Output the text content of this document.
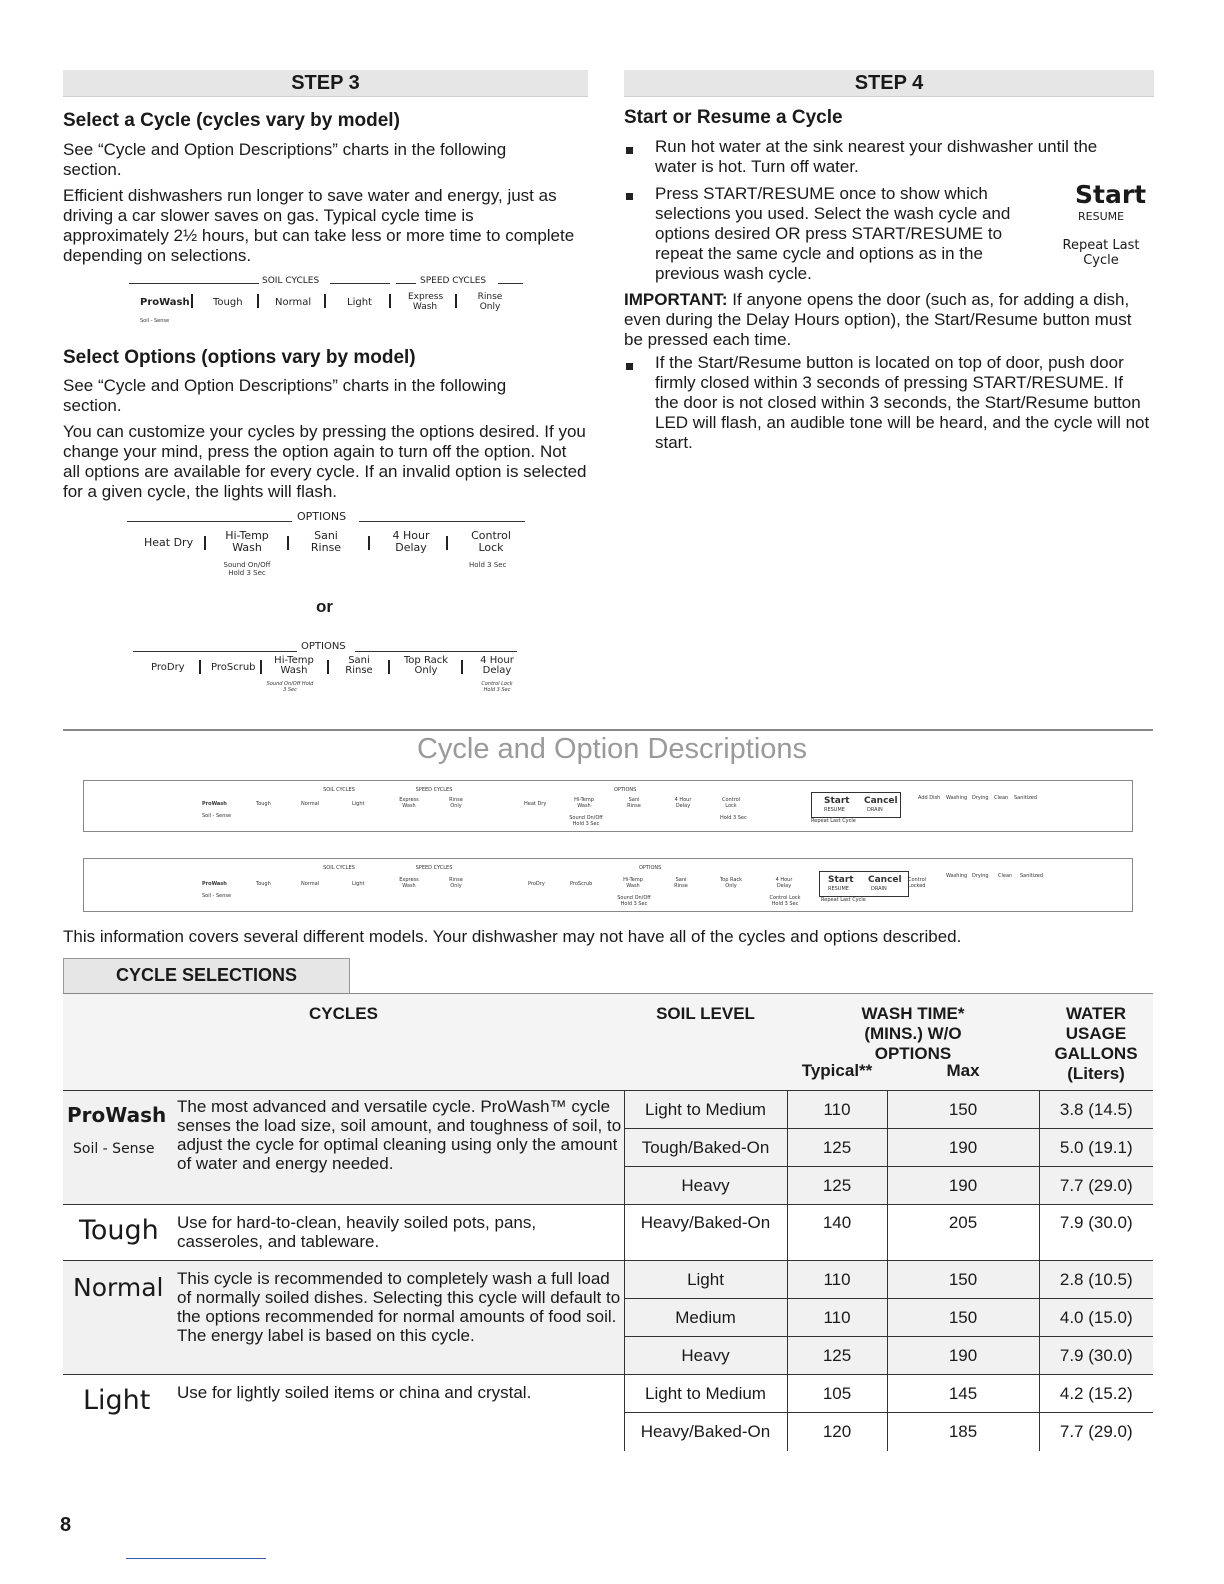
STEP 3	STEP 4
Select a Cycle (cycles vary by model)

See “Cycle and Option Descriptions” charts in the following section.

Efficient dishwashers run longer to save water and energy, just as driving a car slower saves on gas. Typical cycle time is approximately 2½ hours, but can take less or more time to complete depending on selections.

SOIL CYCLES	SPEED CYCLES
ProWash Tough	Normal	Light	Express Wash
Rinse Only
Soil - Sense
Select Options (options vary by model)

See “Cycle and Option Descriptions” charts in the following section.

You can customize your cycles by pressing the options desired. If you change your mind, press the option again to turn off the option. Not all options are available for every cycle. If an invalid option is selected for a given cycle, the lights will flash.

OPTIONS
Heat Dry
Hi-Temp Wash
Sani Rinse
4 Hour Delay
Control Lock
Sound On/Off Hold 3 Sec
Hold 3 Sec
or
OPTIONS
ProDry	ProScrub
Hi-Temp Wash
Sani Rinse
Top Rack Only
4 Hour Delay
Sound On/Off Hold 3 Sec
Control Lock Hold 3 Sec
Start or Resume a Cycle

Run hot water at the sink nearest your dishwasher until the water is hot. Turn off water.

Press START/RESUME once to show which selections you used. Select the wash cycle and options desired OR press START/RESUME to repeat the same cycle and options as in the previous wash cycle.

Start
RESUME
Repeat Last Cycle

IMPORTANT: If anyone opens the door (such as, for adding a dish, even during the Delay Hours option), the Start/Resume button must be pressed each time.

If the Start/Resume button is located on top of door, push door firmly closed within 3 seconds of pressing START/RESUME. If the door is not closed within 3 seconds, the Start/Resume button LED will flash, an audible tone will be heard, and the cycle will not start.

Cycle and Option Descriptions
SOIL CYCLES	SPEED CYCLES
ProWash	Tough	Normal	Light
Express Wash
Rinse Only
Soil - Sense
OPTIONS
Heat Dry
Hi-Temp Wash
Sani Rinse
4 Hour Delay
Control Lock
Sound On/Off Hold 3 Sec
Hold 3 Sec
Start Cancel
RESUME	DRAIN
Repeat Last Cycle
Add Dish Washing Drying Clean Sanitized
SOIL CYCLES	SPEED CYCLES
ProWash	Tough	Normal	Light
Express Wash
Rinse Only
Soil - Sense
OPTIONS
ProDry	ProScrub
Hi-Temp Wash
Sani Rinse
Top Rack Only
4 Hour Delay
Sound On/Off Hold 3 Sec
Control Lock Hold 3 Sec
Start Cancel
RESUME	DRAIN
Repeat Last Cycle
Control Locked
Washing Drying Clean Sanitized

This information covers several different models. Your dishwasher may not have all of the cycles and options described.

CYCLE SELECTIONS
CYCLES		SOIL LEVEL	WASH TIME* (MINS.) W/O OPTIONS
Typical** Max		WATER USAGE GALLONS (Liters)

ProWash
Soil - Sense	The most advanced and versatile cycle. ProWash™ cycle senses the load size, soil amount, and toughness of soil, to adjust the cycle for optimal cleaning using only the amount of water and energy needed.	Light to Medium	110	150	3.8 (14.5)
		Tough/Baked-On	125	190	5.0 (19.1)
		Heavy	125	190	7.7 (29.0)

Tough	Use for hard-to-clean, heavily soiled pots, pans, casseroles, and tableware.	Heavy/Baked-On	140	205	7.9 (30.0)

Normal	This cycle is recommended to completely wash a full load of normally soiled dishes. Selecting this cycle will default to the options recommended for normal amounts of food soil. The energy label is based on this cycle.	Light	110	150	2.8 (10.5)
		Medium	110	150	4.0 (15.0)
		Heavy	125	190	7.9 (30.0)

Light	Use for lightly soiled items or china and crystal.	Light to Medium	105	145	4.2 (15.2)
		Heavy/Baked-On	120	185	7.7 (29.0)
8
